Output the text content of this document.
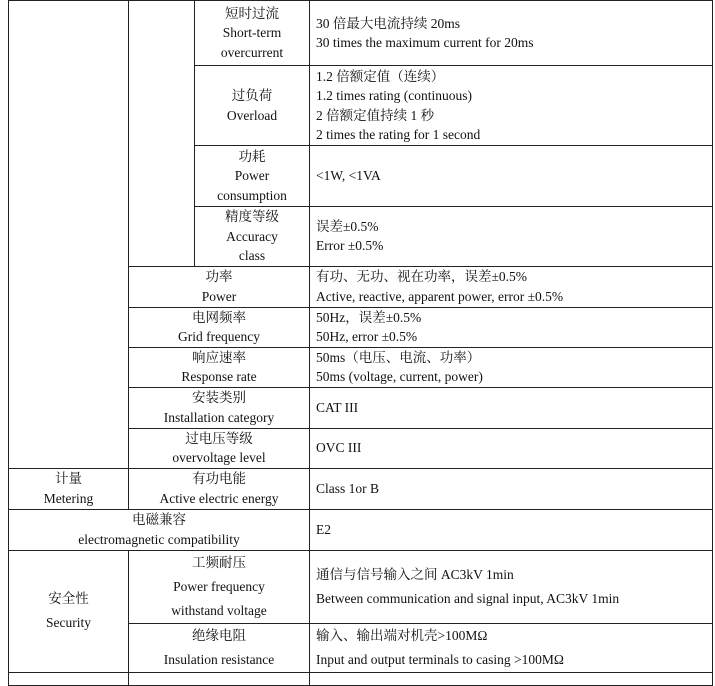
		短时过流
Short-term
overcurrent	30 倍最大电流持续 20ms
30 times the maximum current for 20ms

		过负荷
Overload	1.2 倍额定值（连续）
1.2 times rating (continuous)
2 倍额定值持续 1 秒
2 times the rating for 1 second

		功耗
Power
consumption	<1W, <1VA

		精度等级
Accuracy
class	误差±0.5%
Error ±0.5%

	功率
Power		有功、无功、视在功率，误差±0.5%
Active, reactive, apparent power, error ±0.5%

	电网频率
Grid frequency		50Hz，误差±0.5%
50Hz, error ±0.5%

	响应速率
Response rate		50ms（电压、电流、功率）
50ms (voltage, current, power)

	安装类别
Installation category		CAT III

	过电压等级
overvoltage level		OVC III

计量
Metering	有功电能
Active electric energy		Class 1or B

电磁兼容
electromagnetic compatibility			E2

安全性
Security	工频耐压
Power frequency
withstand voltage		通信与信号输入之间 AC3kV 1min
Between communication and signal input, AC3kV 1min

	绝缘电阻
Insulation resistance		输入、输出端对机壳>100MΩ
Input and output terminals to casing >100MΩ
